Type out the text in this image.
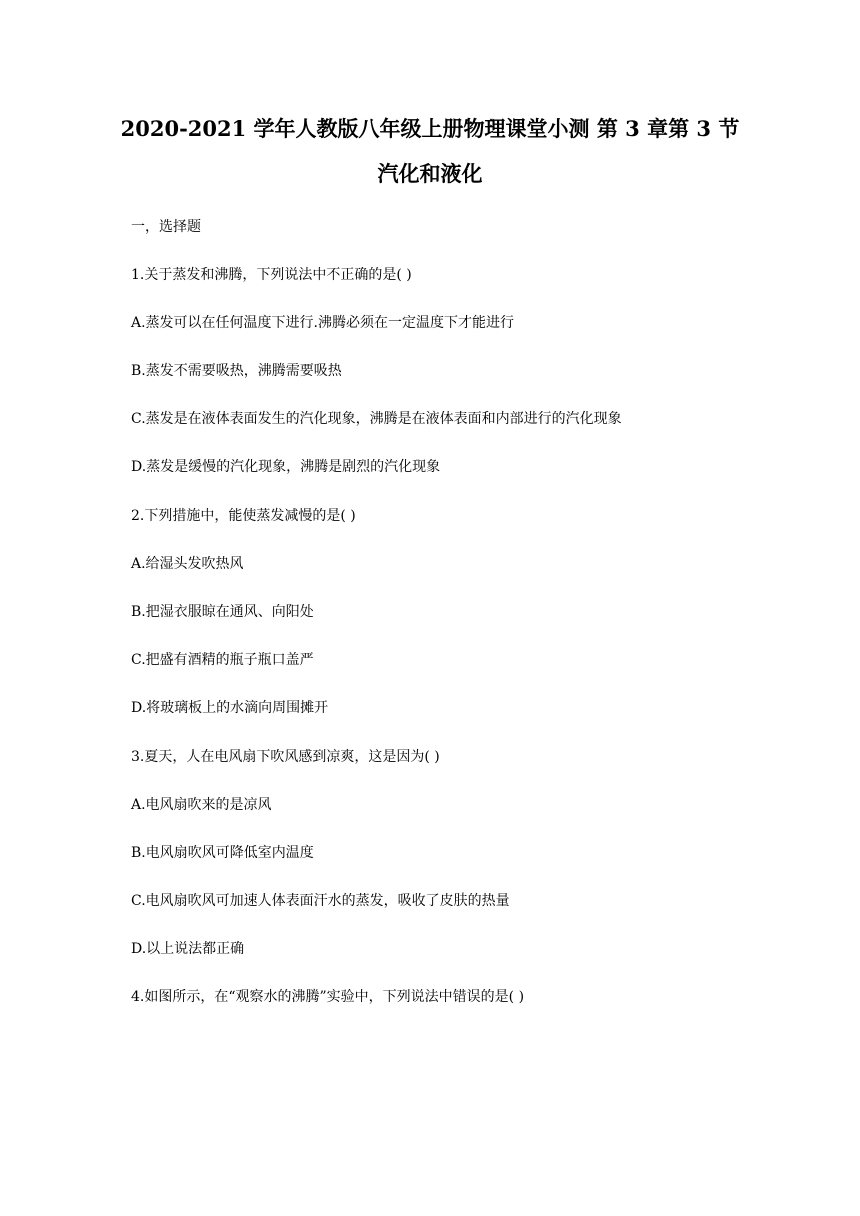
2020-2021 学年人教版八年级上册物理课堂小测 第 3 章第 3 节
汽化和液化
一，选择题
1.关于蒸发和沸腾，下列说法中不正确的是( )
A.蒸发可以在任何温度下进行.沸腾必须在一定温度下才能进行
B.蒸发不需要吸热，沸腾需要吸热
C.蒸发是在液体表面发生的汽化现象，沸腾是在液体表面和内部进行的汽化现象
D.蒸发是缓慢的汽化现象，沸腾是剧烈的汽化现象
2.下列措施中，能使蒸发减慢的是( )
A.给湿头发吹热风
B.把湿衣服晾在通风、向阳处
C.把盛有酒精的瓶子瓶口盖严
D.将玻璃板上的水滴向周围摊开
3.夏天，人在电风扇下吹风感到凉爽，这是因为( )
A.电风扇吹来的是凉风
B.电风扇吹风可降低室内温度
C.电风扇吹风可加速人体表面汗水的蒸发，吸收了皮肤的热量
D.以上说法都正确
4.如图所示，在“观察水的沸腾”实验中，下列说法中错误的是( )
